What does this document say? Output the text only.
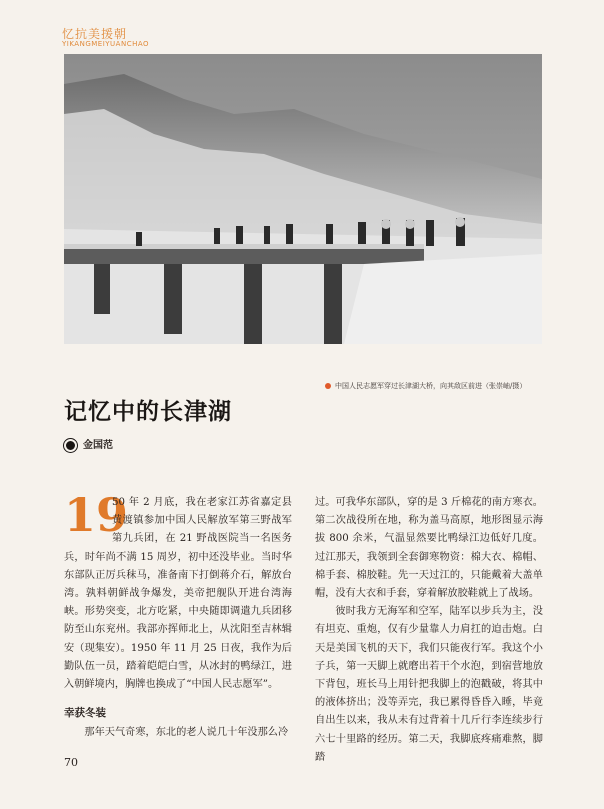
忆抗美援朝
YIKANGMEIYUANCHAO
中国人民志愿军穿过长津湖大桥，向其敌区前进（张崇岫/摄）
记忆中的长津湖
金国范
19

50 年 2 月底，我在老家江苏省嘉定县黄渡镇参加中国人民解放军第三野战军第九兵团，在 21 野战医院当一名医务兵，时年尚不满 15 周岁，初中还没毕业。当时华东部队正厉兵秣马，准备南下打倒蒋介石，解放台湾。孰料朝鲜战争爆发，美帝把舰队开进台湾海峡。形势突变，北方吃紧，中央随即调遣九兵团移防至山东兖州。我部亦挥师北上，从沈阳至吉林辑安（现集安）。1950 年 11 月 25 日夜，我作为后勤队伍一员，踏着皑皑白雪，从冰封的鸭绿江，进入朝鲜境内，胸牌也换成了“中国人民志愿军”。

幸获冬装

那年天气奇寒，东北的老人说几十年没那么冷

过。可我华东部队，穿的是 3 斤棉花的南方寒衣。第二次战役所在地，称为盖马高原，地形图显示海拔 800 余米，气温显然要比鸭绿江边低好几度。过江那天，我领到全套御寒物资：棉大衣、棉帽、棉手套、棉胶鞋。先一天过江的，只能戴着大盖单帽，没有大衣和手套，穿着解放胶鞋就上了战场。

彼时我方无海军和空军，陆军以步兵为主，没有坦克、重炮，仅有少量靠人力肩扛的迫击炮。白天是美国飞机的天下，我们只能夜行军。我这个小子兵，第一天脚上就磨出若干个水泡，到宿营地放下背包，班长马上用针把我脚上的泡戳破，将其中的液体挤出；没等弄完，我已累得昏昏入睡，毕竟自出生以来，我从未有过背着十几斤行李连续步行六七十里路的经历。第二天，我脚底疼痛难熬，脚踏

70
